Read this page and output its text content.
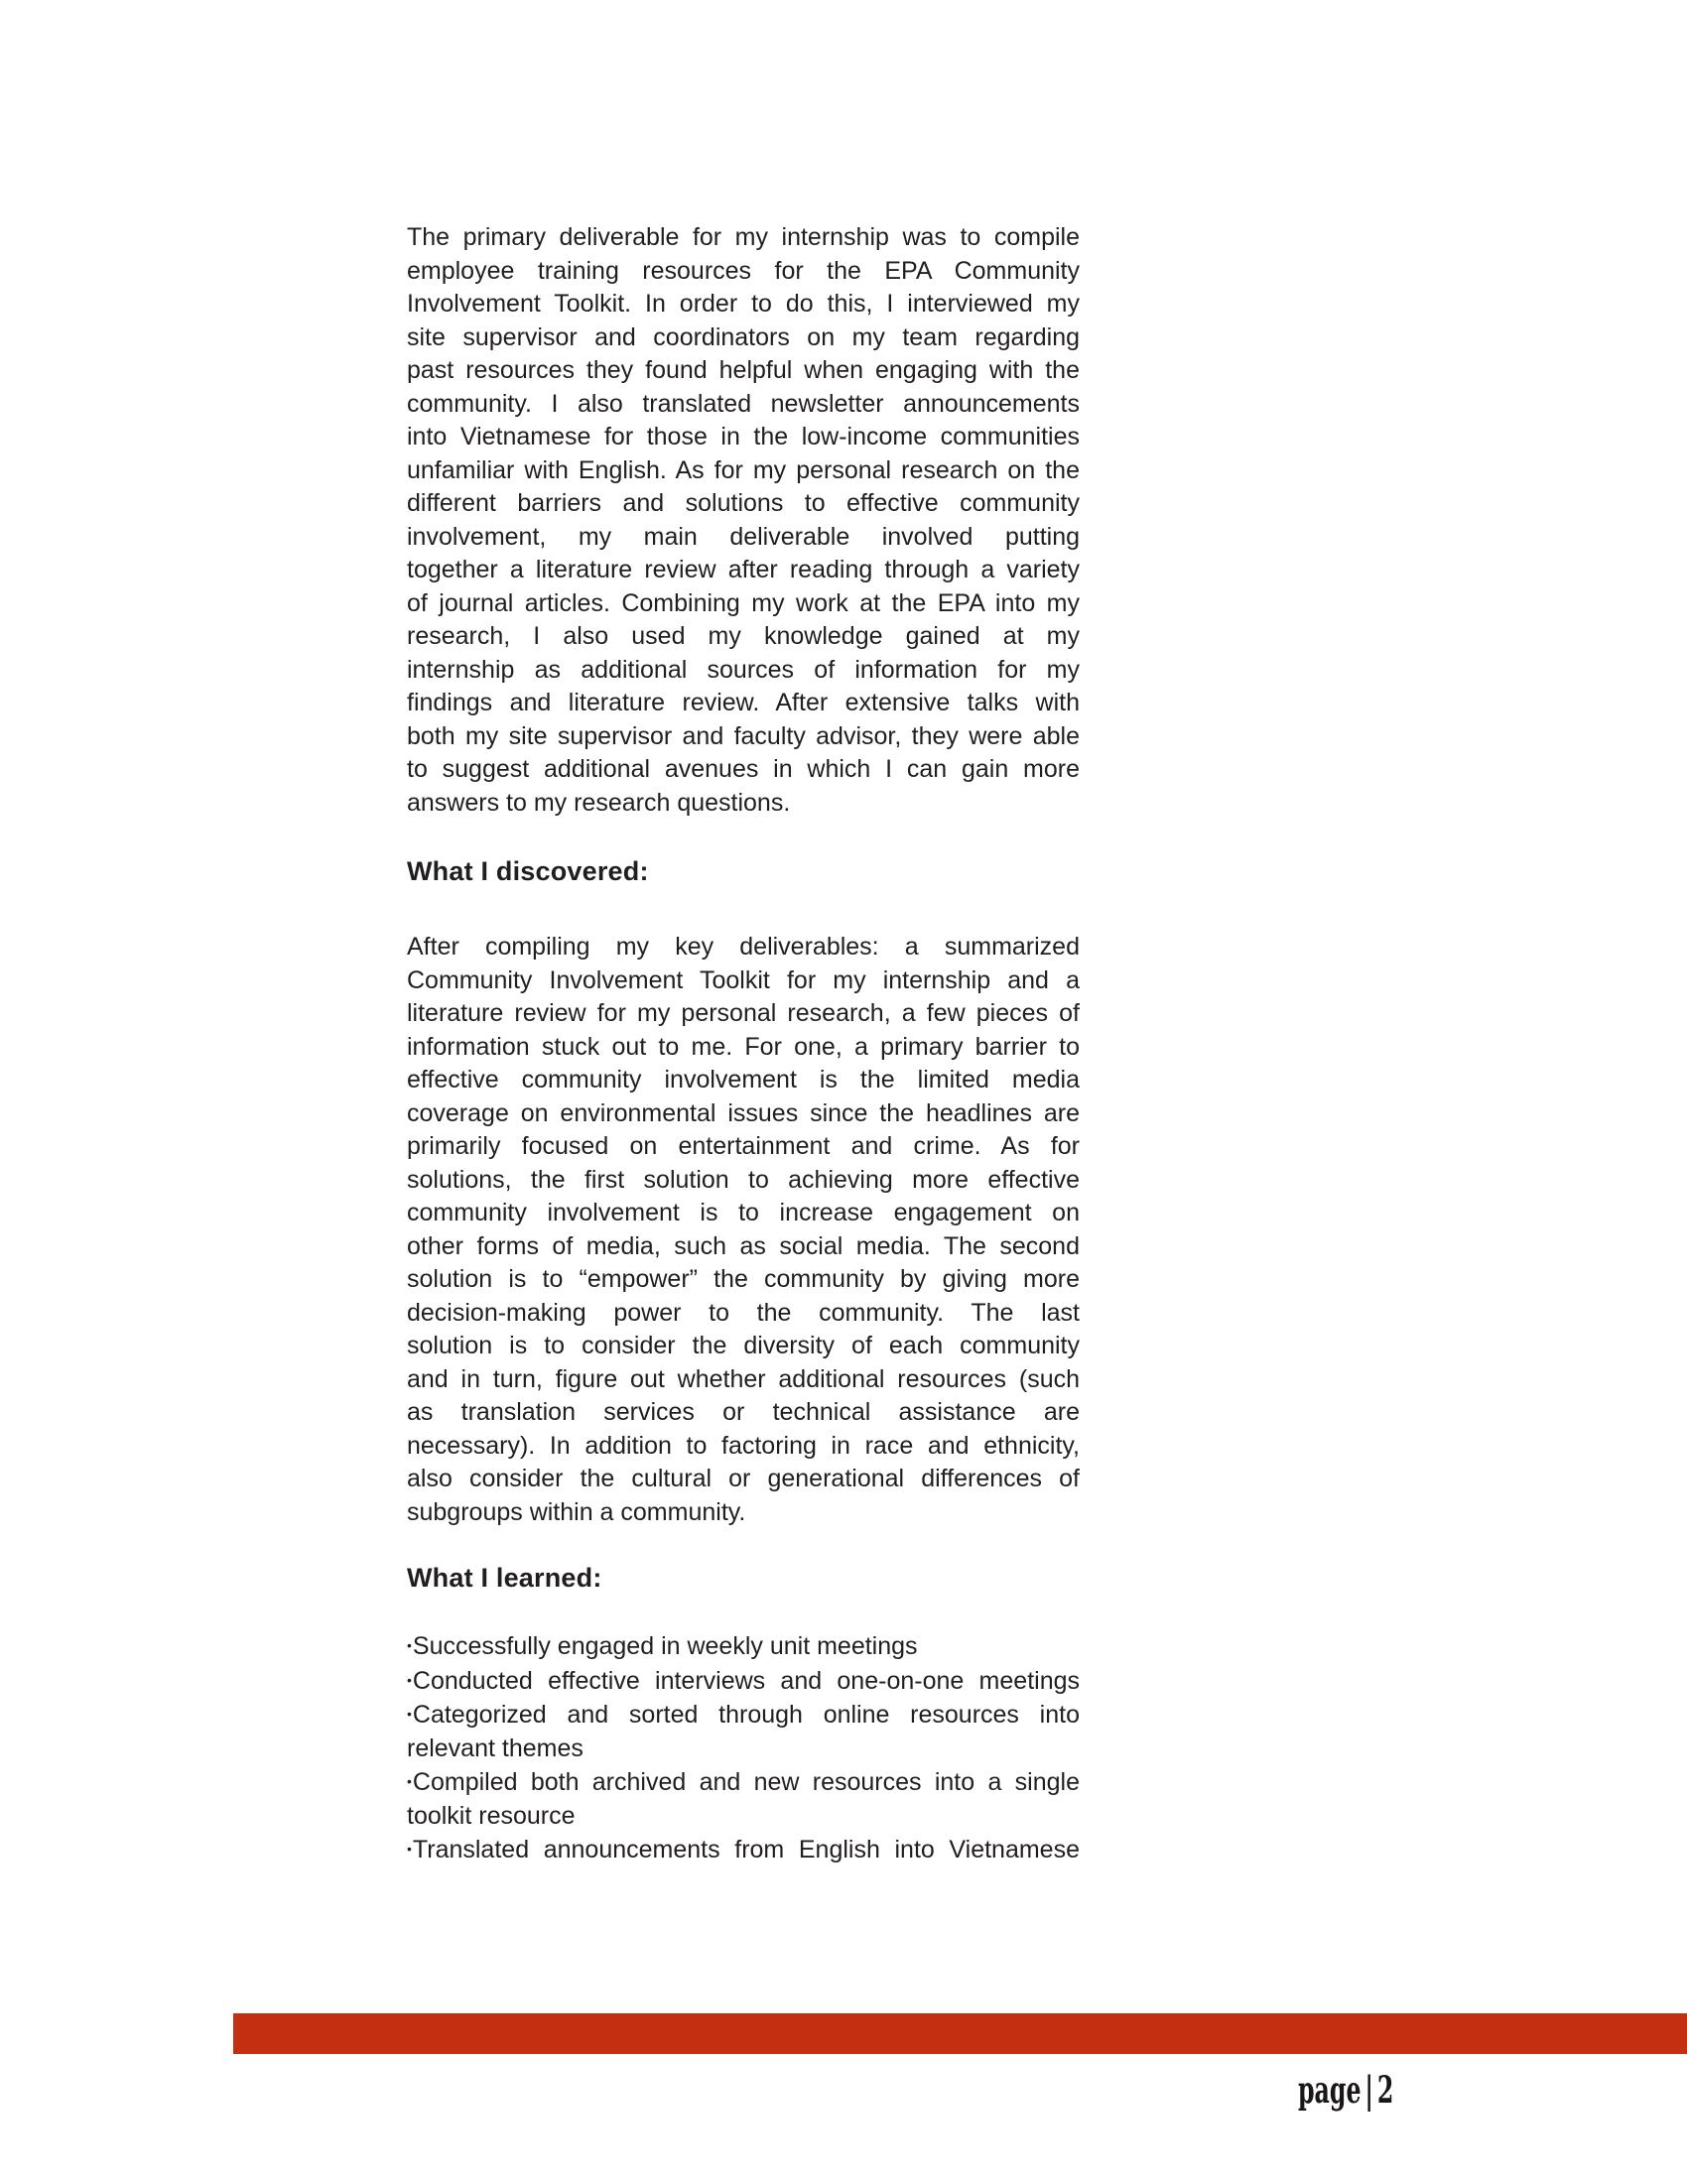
The primary deliverable for my internship was to compile
employee training resources for the EPA Community
Involvement Toolkit. In order to do this, I interviewed my
site supervisor and coordinators on my team regarding
past resources they found helpful when engaging with the
community. I also translated newsletter announcements
into Vietnamese for those in the low-income communities
unfamiliar with English. As for my personal research on the
different barriers and solutions to effective community
involvement, my main deliverable involved putting
together a literature review after reading through a variety
of journal articles. Combining my work at the EPA into my
research, I also used my knowledge gained at my
internship as additional sources of information for my
findings and literature review. After extensive talks with
both my site supervisor and faculty advisor, they were able
to suggest additional avenues in which I can gain more
answers to my research questions.
What I discovered:
After compiling my key deliverables: a summarized
Community Involvement Toolkit for my internship and a
literature review for my personal research, a few pieces of
information stuck out to me. For one, a primary barrier to
effective community involvement is the limited media
coverage on environmental issues since the headlines are
primarily focused on entertainment and crime. As for
solutions, the first solution to achieving more effective
community involvement is to increase engagement on
other forms of media, such as social media. The second
solution is to “empower” the community by giving more
decision-making power to the community. The last
solution is to consider the diversity of each community
and in turn, figure out whether additional resources (such
as translation services or technical assistance are
necessary). In addition to factoring in race and ethnicity,
also consider the cultural or generational differences of
subgroups within a community.
What I learned:
•Successfully engaged in weekly unit meetings
•Conducted effective interviews and one-on-one meetings
•Categorized and sorted through online resources into
relevant themes
•Compiled both archived and new resources into a single
toolkit resource
•Translated announcements from English into Vietnamese
page | 2
